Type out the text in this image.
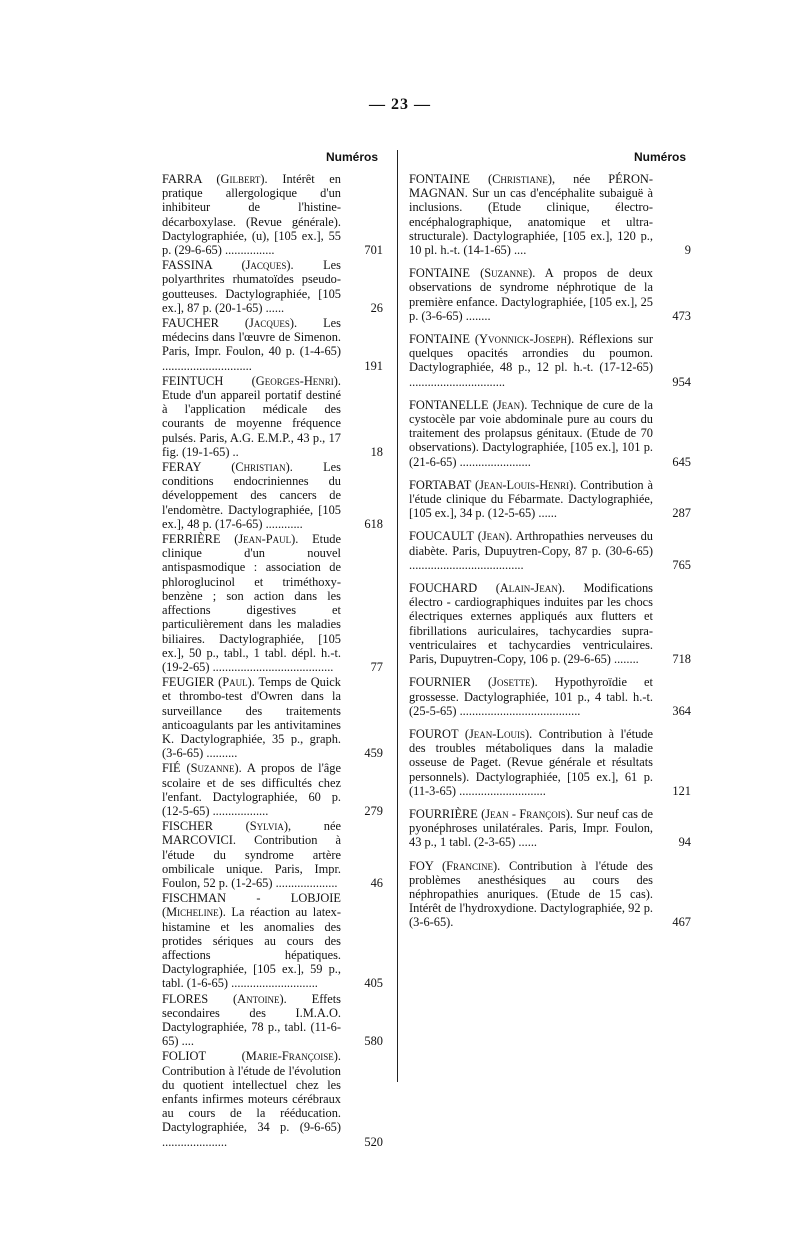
— 23 —
Numéros	Numéros
FARRA (Gilbert). Intérêt en pratique allergologique d'un inhibiteur de l'histine-décarboxylase. (Revue générale). Dactylographiée, (u), [105 ex.], 55 p. (29-6-65) ................	701
FASSINA (Jacques). Les polyarthrites rhumatoïdes pseudo-goutteuses. Dactylographiée, [105 ex.], 87 p. (20-1-65) ......	26
FAUCHER (Jacques). Les médecins dans l'œuvre de Simenon. Paris, Impr. Foulon, 40 p. (1-4-65) .............................	191
FEINTUCH (Georges-Henri). Etude d'un appareil portatif destiné à l'application médicale des courants de moyenne fréquence pulsés. Paris, A.G. E.M.P., 43 p., 17 fig. (19-1-65) ..	18
FERAY (Christian). Les conditions endocriniennes du développement des cancers de l'endomètre. Dactylographiée, [105 ex.], 48 p. (17-6-65) ............	618
FERRIÈRE (Jean-Paul). Etude clinique d'un nouvel antispasmodique : association de phloroglucinol et triméthoxy-benzène ; son action dans les affections digestives et particulièrement dans les maladies biliaires. Dactylographiée, [105 ex.], 50 p., tabl., 1 tabl. dépl. h.-t. (19-2-65) .......................................	77
FEUGIER (Paul). Temps de Quick et thrombo-test d'Owren dans la surveillance des traitements anticoagulants par les antivitamines K. Dactylographiée, 35 p., graph. (3-6-65) ..........	459
FIÉ (Suzanne). A propos de l'âge scolaire et de ses difficultés chez l'enfant. Dactylographiée, 60 p. (12-5-65) ..................	279
FISCHER (Sylvia),	née MARCOVICI. Contribution à l'étude du syndrome artère ombilicale unique. Paris, Impr. Foulon, 52 p. (1-2-65) ....................	46
FISCHMAN - LOBJOIE (Micheline). La réaction au latex-histamine et les anomalies des protides sériques au cours des affections hépatiques. Dactylographiée, [105 ex.], 59 p., tabl. (1-6-65) ............................	405
FLORES (Antoine). Effets secondaires des I.M.A.O. Dactylographiée, 78 p., tabl. (11-6-65) ....	580
FOLIOT (Marie-Françoise). Contribution à l'étude de l'évolution du quotient intellectuel chez les enfants infirmes moteurs cérébraux au cours de la rééducation. Dactylographiée, 34 p. (9-6-65) .....................	520
FONTAINE (Christiane), née PÉRON-MAGNAN. Sur un cas d'encéphalite subaiguë à inclusions. (Etude clinique, électro-encéphalographique, anatomique et ultra-structurale). Dactylographiée, [105 ex.], 120 p., 10 pl. h.-t. (14-1-65) ....	9
FONTAINE (Suzanne). A propos de deux observations de syndrome néphrotique de la première enfance. Dactylographiée, [105 ex.], 25 p. (3-6-65) ........	473
FONTAINE (Yvonnick-Joseph). Réflexions sur quelques opacités arrondies du poumon. Dactylographiée, 48 p., 12 pl. h.-t. (17-12-65) ...............................	954
FONTANELLE (Jean). Technique de cure de la cystocèle par voie abdominale pure au cours du traitement des prolapsus génitaux. (Etude de 70 observations). Dactylographiée, [105 ex.], 101 p. (21-6-65) .......................	645
FORTABAT (Jean-Louis-Henri). Contribution à l'étude clinique du Fébarmate. Dactylographiée, [105 ex.], 34 p. (12-5-65) ......	287
FOUCAULT (Jean). Arthropathies nerveuses du diabète. Paris, Dupuytren-Copy, 87 p. (30-6-65) .....................................	765
FOUCHARD (Alain-Jean). Modifications électro - cardiographiques induites par les chocs électriques externes appliqués aux flutters et fibrillations auriculaires, tachycardies supra-ventriculaires et tachycardies ventriculaires. Paris, Dupuytren-Copy, 106 p. (29-6-65) ........	718
FOURNIER (Josette). Hypothyroïdie et grossesse. Dactylographiée, 101 p., 4 tabl. h.-t. (25-5-65) .......................................	364
FOUROT (Jean-Louis). Contribution à l'étude des troubles métaboliques dans la maladie osseuse de Paget. (Revue générale et résultats personnels). Dactylographiée, [105 ex.], 61 p. (11-3-65) ............................	121
FOURRIÈRE (Jean - François). Sur neuf cas de pyonéphroses unilatérales. Paris, Impr. Foulon, 43 p., 1 tabl. (2-3-65) ......	94
FOY (Francine). Contribution à l'étude des problèmes anesthésiques au cours des néphropathies anuriques. (Etude de 15 cas). Intérêt de l'hydroxydione. Dactylographiée, 92 p. (3-6-65).	467
